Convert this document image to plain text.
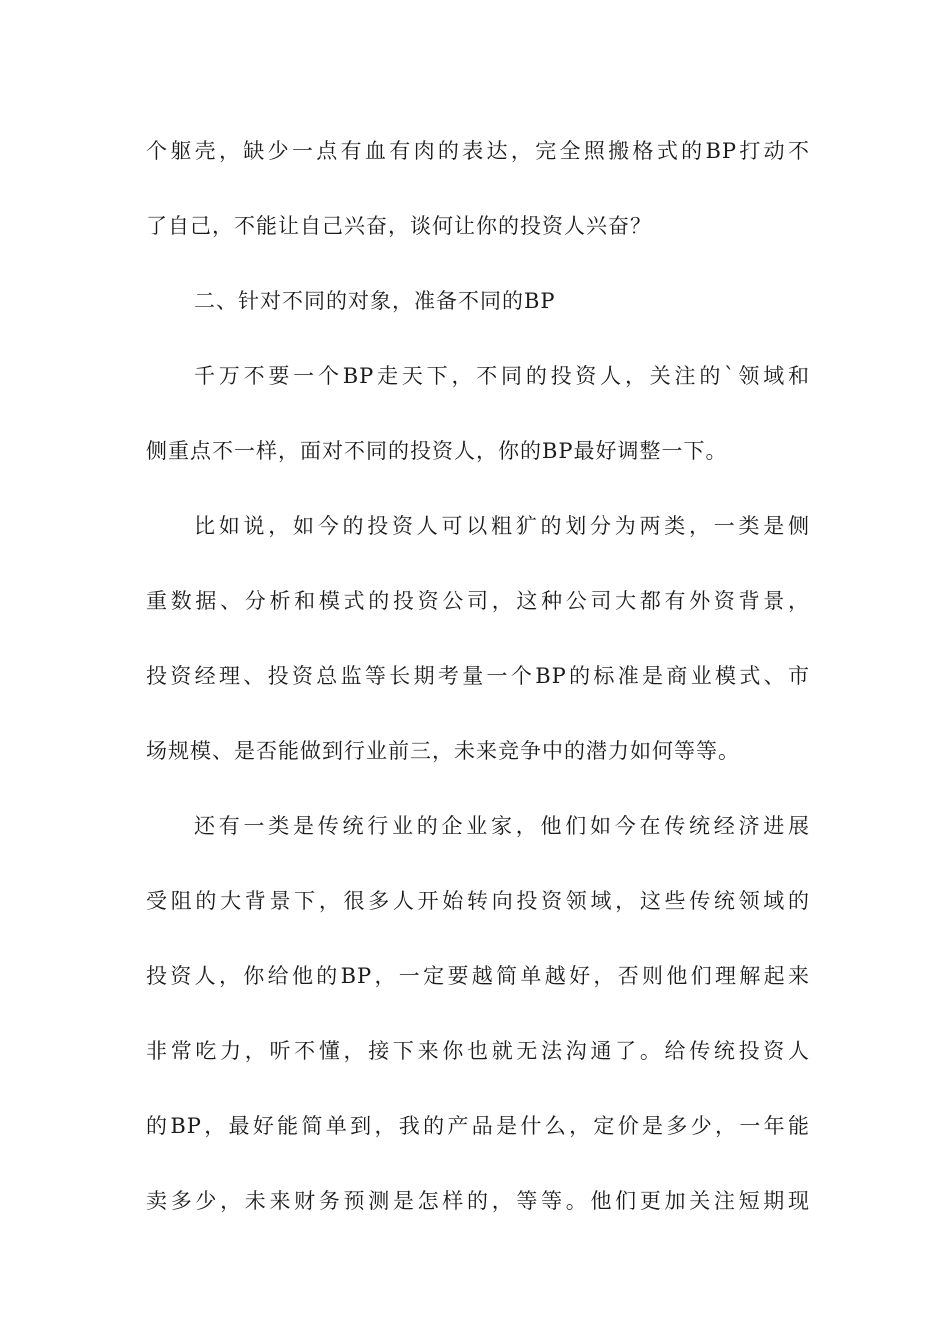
个躯壳，缺少一点有血有肉的表达，完全照搬格式的BP打动不
了自己，不能让自己兴奋，谈何让你的投资人兴奋？
二、针对不同的对象，准备不同的BP
千万不要一个BP走天下，不同的投资人，关注的`领域和
侧重点不一样，面对不同的投资人，你的BP最好调整一下。
比如说，如今的投资人可以粗犷的划分为两类，一类是侧
重数据、分析和模式的投资公司，这种公司大都有外资背景，
投资经理、投资总监等长期考量一个BP的标准是商业模式、市
场规模、是否能做到行业前三，未来竞争中的潜力如何等等。
还有一类是传统行业的企业家，他们如今在传统经济进展
受阻的大背景下，很多人开始转向投资领域，这些传统领域的
投资人，你给他的BP，一定要越简单越好，否则他们理解起来
非常吃力，听不懂，接下来你也就无法沟通了。给传统投资人
的BP，最好能简单到，我的产品是什么，定价是多少，一年能
卖多少，未来财务预测是怎样的，等等。他们更加关注短期现
